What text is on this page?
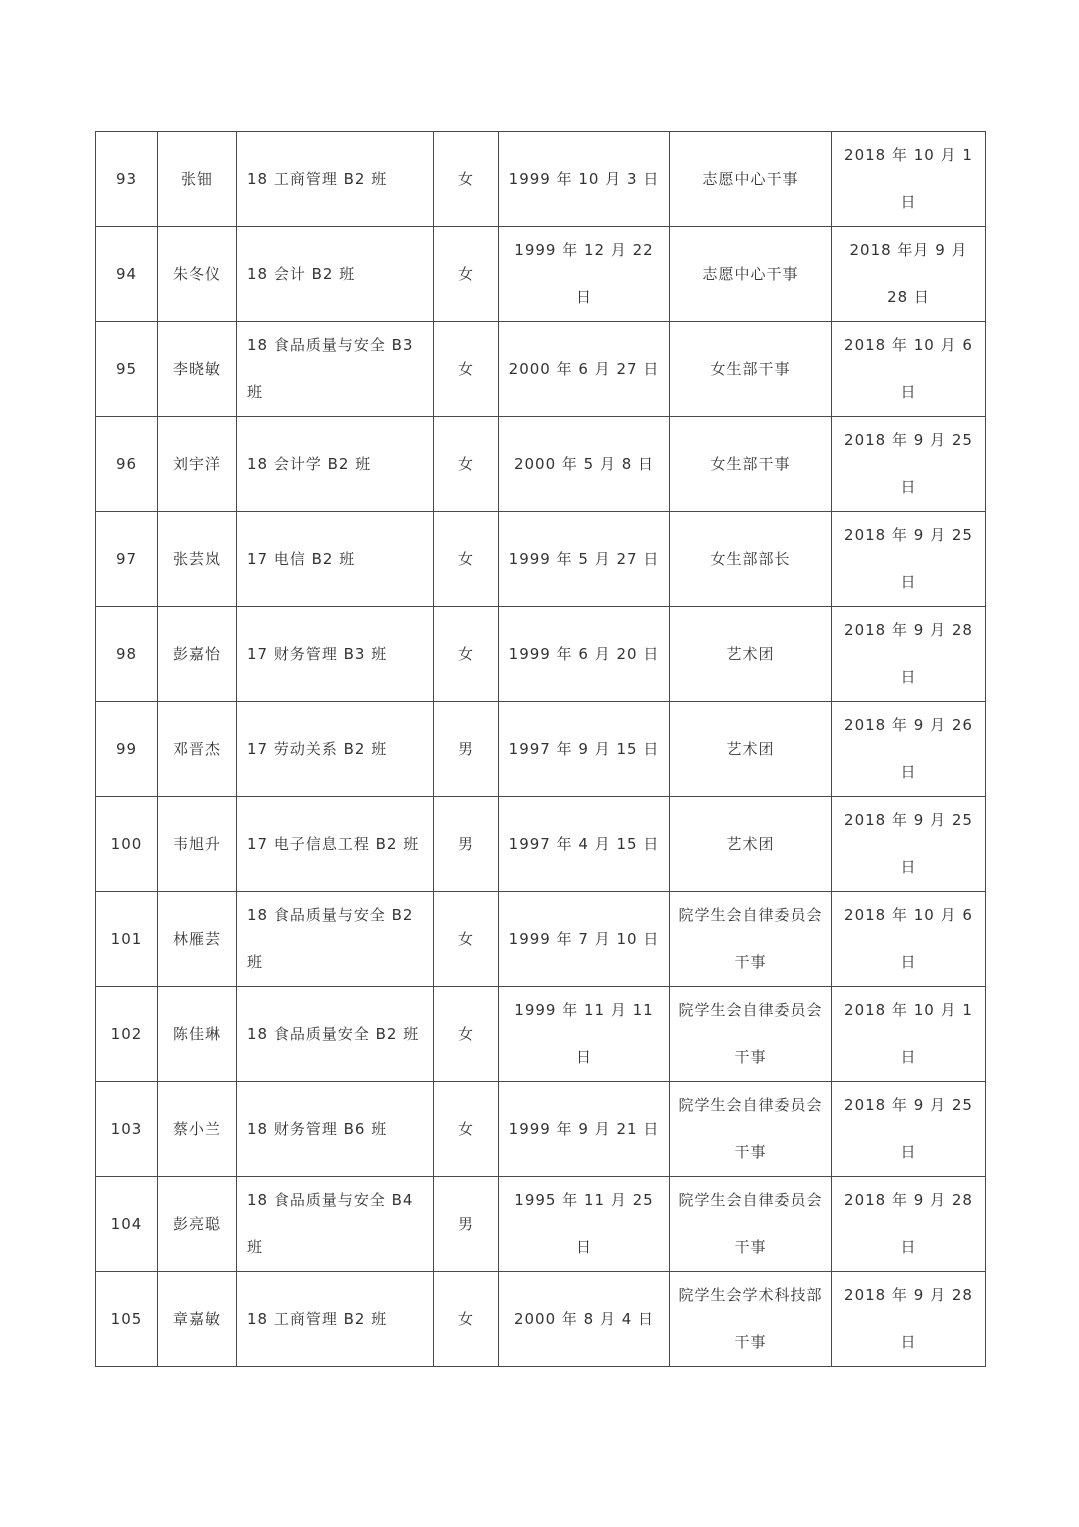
93	张钿	18 工商管理 B2 班	女	1999 年 10 月 3 日	志愿中心干事	2018 年 10 月 1 日
94	朱冬仪	18 会计 B2 班	女	1999 年 12 月 22 日	志愿中心干事	2018 年月 9 月 28 日
95	李晓敏	18 食品质量与安全 B3 班	女	2000 年 6 月 27 日	女生部干事	2018 年 10 月 6 日
96	刘宇洋	18 会计学 B2 班	女	2000 年 5 月 8 日	女生部干事	2018 年 9 月 25 日
97	张芸岚	17 电信 B2 班	女	1999 年 5 月 27 日	女生部部长	2018 年 9 月 25 日
98	彭嘉怡	17 财务管理 B3 班	女	1999 年 6 月 20 日	艺术团	2018 年 9 月 28 日
99	邓晋杰	17 劳动关系 B2 班	男	1997 年 9 月 15 日	艺术团	2018 年 9 月 26 日
100	韦旭升	17 电子信息工程 B2 班	男	1997 年 4 月 15 日	艺术团	2018 年 9 月 25 日
101	林雁芸	18 食品质量与安全 B2 班	女	1999 年 7 月 10 日	院学生会自律委员会干事	2018 年 10 月 6 日
102	陈佳琳	18 食品质量安全 B2 班	女	1999 年 11 月 11 日	院学生会自律委员会干事	2018 年 10 月 1 日
103	蔡小兰	18 财务管理 B6 班	女	1999 年 9 月 21 日	院学生会自律委员会干事	2018 年 9 月 25 日
104	彭亮聪	18 食品质量与安全 B4 班	男	1995 年 11 月 25 日	院学生会自律委员会干事	2018 年 9 月 28 日
105	章嘉敏	18 工商管理 B2 班	女	2000 年 8 月 4 日	院学生会学术科技部干事	2018 年 9 月 28 日
